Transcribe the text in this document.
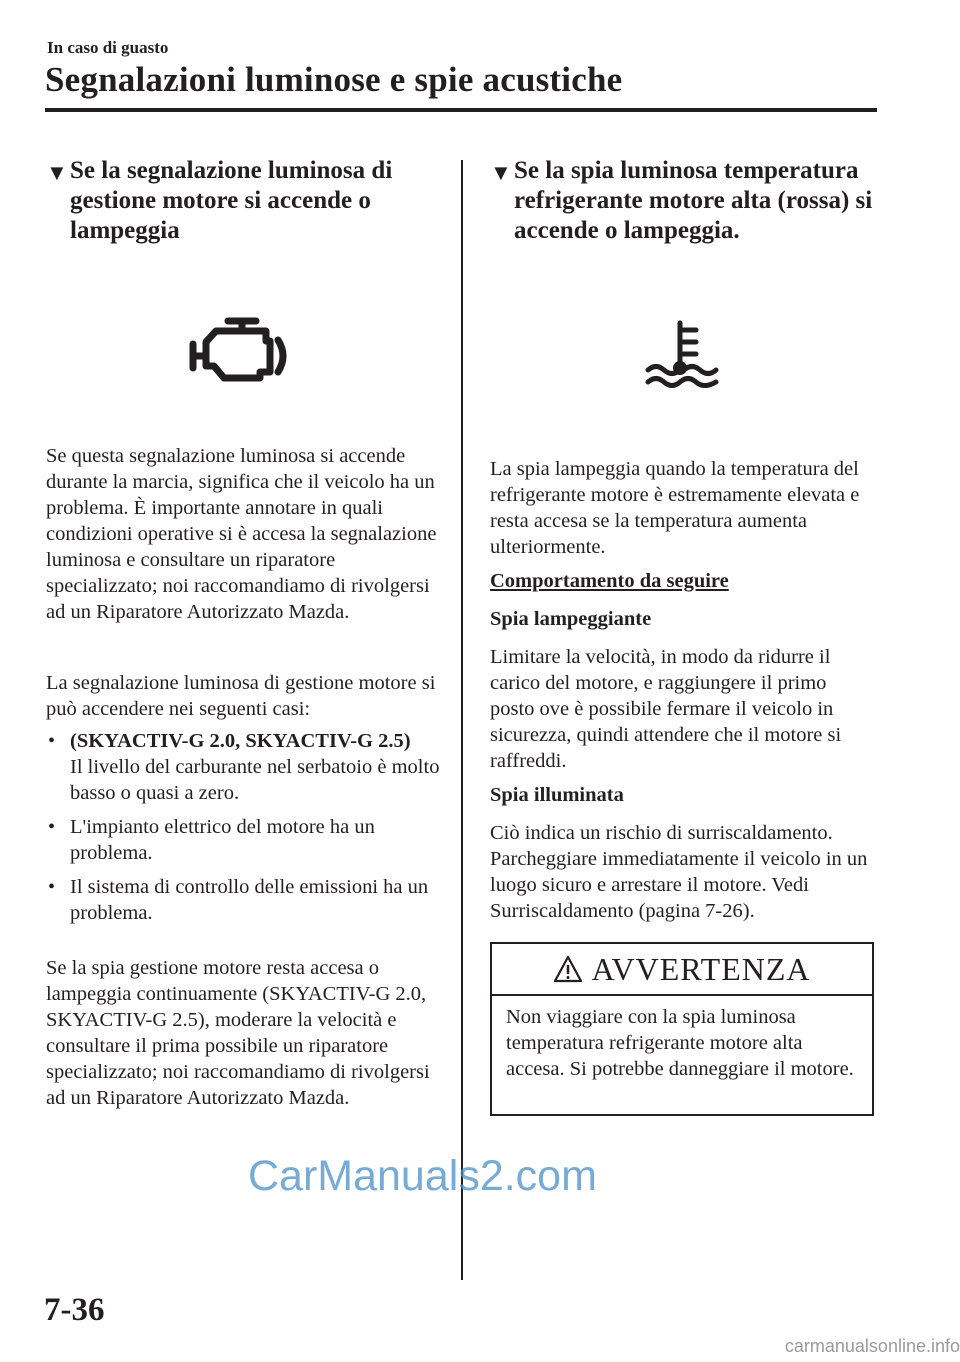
In caso di guasto
Segnalazioni luminose e spie acustiche
▼ Se la segnalazione luminosa di gestione motore si accende o lampeggia

Se questa segnalazione luminosa si accende durante la marcia, significa che il veicolo ha un problema. È importante annotare in quali condizioni operative si è accesa la segnalazione luminosa e consultare un riparatore specializzato; noi raccomandiamo di rivolgersi ad un Riparatore Autorizzato Mazda.

La segnalazione luminosa di gestione motore si può accendere nei seguenti casi:

• (SKYACTIV-G 2.0, SKYACTIV-G 2.5)
Il livello del carburante nel serbatoio è molto basso o quasi a zero.
• L'impianto elettrico del motore ha un problema.
• Il sistema di controllo delle emissioni ha un problema.

Se la spia gestione motore resta accesa o lampeggia continuamente (SKYACTIV-G 2.0, SKYACTIV-G 2.5), moderare la velocità e consultare il prima possibile un riparatore specializzato; noi raccomandiamo di rivolgersi ad un Riparatore Autorizzato Mazda.

▼ Se la spia luminosa temperatura refrigerante motore alta (rossa) si accende o lampeggia.

La spia lampeggia quando la temperatura del refrigerante motore è estremamente elevata e resta accesa se la temperatura aumenta ulteriormente.

Comportamento da seguire

Spia lampeggiante

Limitare la velocità, in modo da ridurre il carico del motore, e raggiungere il primo posto ove è possibile fermare il veicolo in sicurezza, quindi attendere che il motore si raffreddi.

Spia illuminata

Ciò indica un rischio di surriscaldamento. Parcheggiare immediatamente il veicolo in un luogo sicuro e arrestare il motore. Vedi Surriscaldamento (pagina 7-26).

AVVERTENZA
Non viaggiare con la spia luminosa temperatura refrigerante motore alta accesa. Si potrebbe danneggiare il motore.
CarManuals2.com
7-36
carmanualsonline.info
